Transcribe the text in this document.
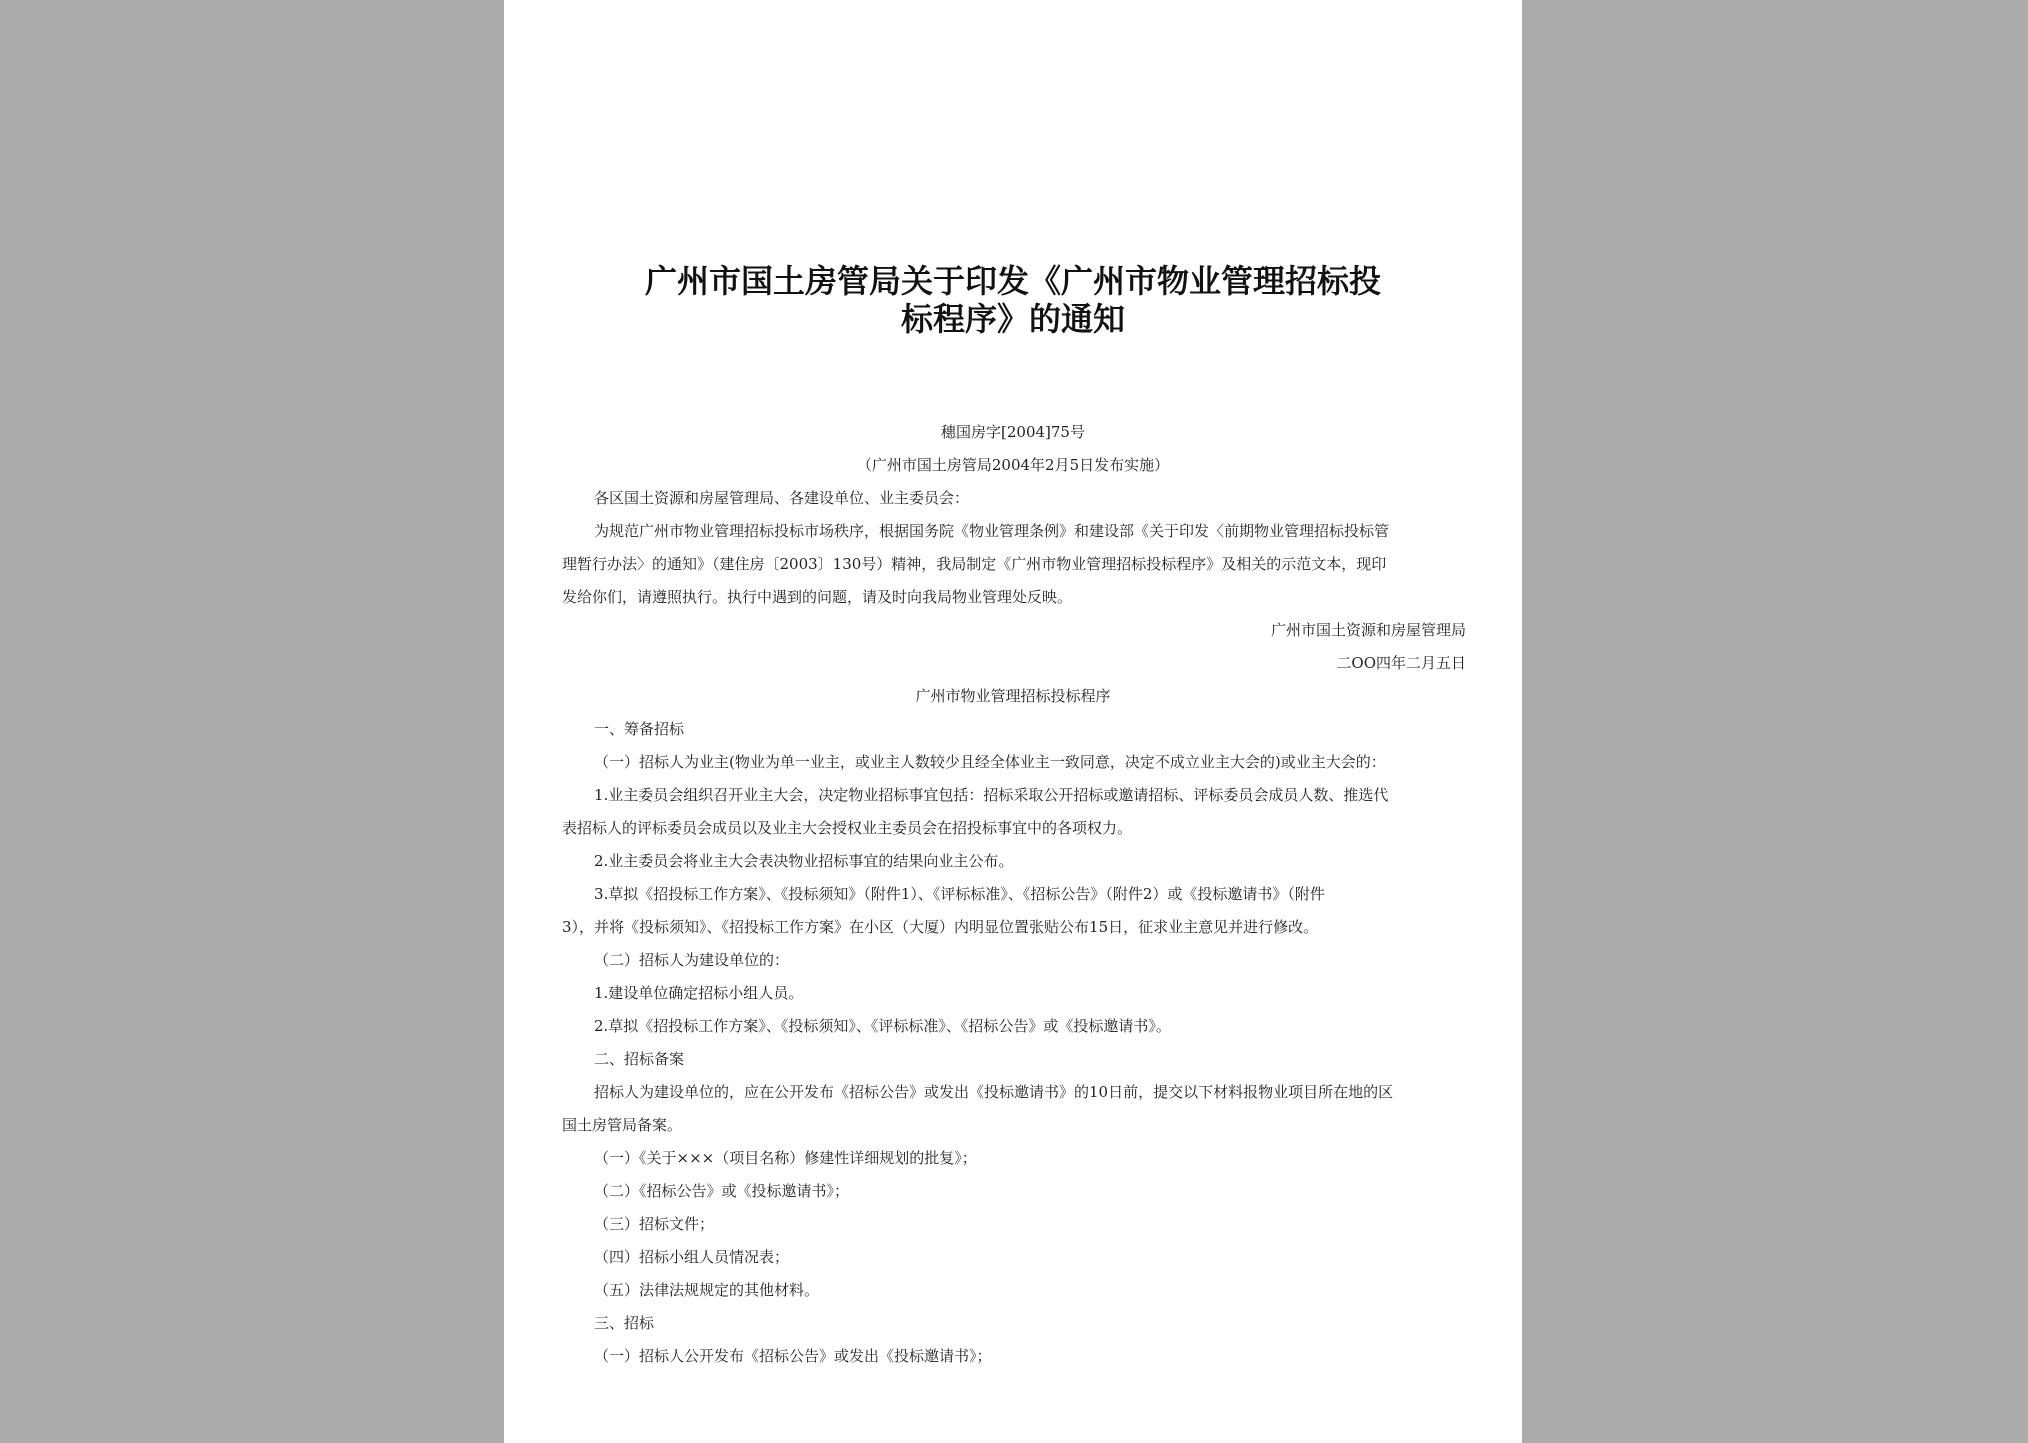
广州市国土房管局关于印发《广州市物业管理招标投
标程序》的通知
穗国房字[2004]75号
（广州市国土房管局2004年2月5日发布实施）
各区国土资源和房屋管理局、各建设单位、业主委员会：
为规范广州市物业管理招标投标市场秩序，根据国务院《物业管理条例》和建设部《关于印发〈前期物业管理招标投标管
理暂行办法〉的通知》（建住房〔2003〕130号）精神，我局制定《广州市物业管理招标投标程序》及相关的示范文本，现印
发给你们，请遵照执行。执行中遇到的问题，请及时向我局物业管理处反映。
广州市国土资源和房屋管理局
二OO四年二月五日
广州市物业管理招标投标程序
一、筹备招标
（一）招标人为业主(物业为单一业主，或业主人数较少且经全体业主一致同意，决定不成立业主大会的)或业主大会的：
1.业主委员会组织召开业主大会，决定物业招标事宜包括：招标采取公开招标或邀请招标、评标委员会成员人数、推选代
表招标人的评标委员会成员以及业主大会授权业主委员会在招投标事宜中的各项权力。
2.业主委员会将业主大会表决物业招标事宜的结果向业主公布。
3.草拟《招投标工作方案》、《投标须知》（附件1）、《评标标准》、《招标公告》（附件2）或《投标邀请书》（附件
3），并将《投标须知》、《招投标工作方案》在小区（大厦）内明显位置张贴公布15日，征求业主意见并进行修改。
（二）招标人为建设单位的：
1.建设单位确定招标小组人员。
2.草拟《招投标工作方案》、《投标须知》、《评标标准》、《招标公告》或《投标邀请书》。
二、招标备案
招标人为建设单位的，应在公开发布《招标公告》或发出《投标邀请书》的10日前，提交以下材料报物业项目所在地的区
国土房管局备案。
（一）《关于×××（项目名称）修建性详细规划的批复》；
（二）《招标公告》或《投标邀请书》；
（三）招标文件；
（四）招标小组人员情况表；
（五）法律法规规定的其他材料。
三、招标
（一）招标人公开发布《招标公告》或发出《投标邀请书》；
